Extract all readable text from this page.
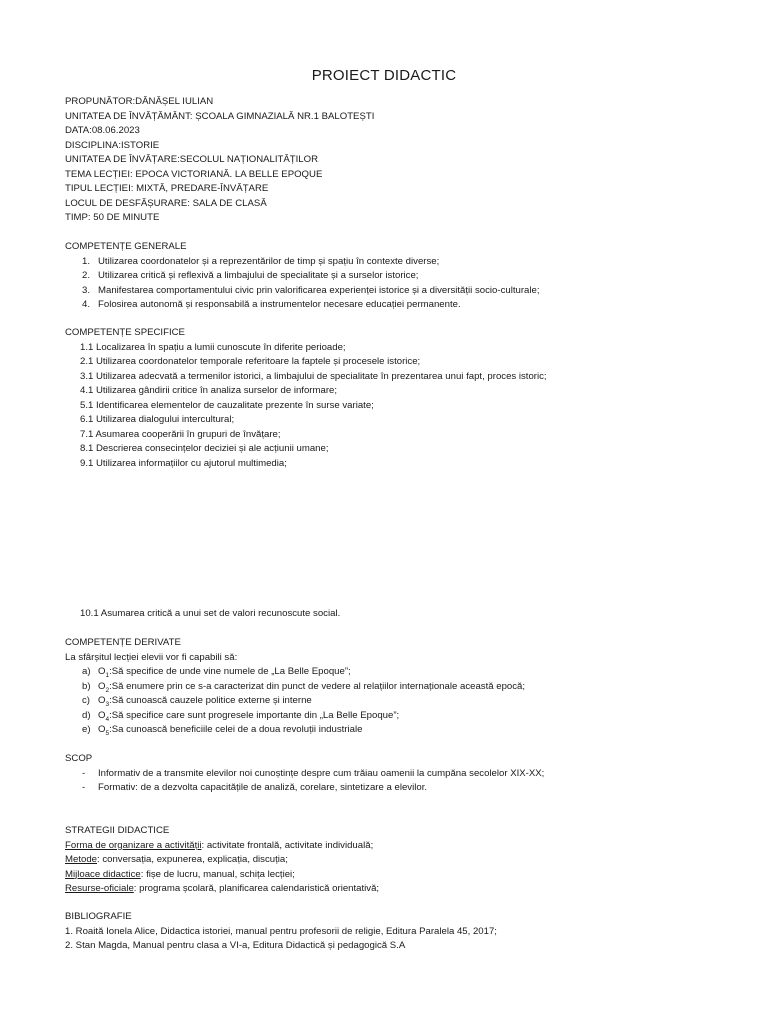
PROIECT DIDACTIC
PROPUNĂTOR:DĂNĂȘEL IULIAN
UNITATEA DE ÎNVĂȚĂMÂNT: ȘCOALA GIMNAZIALĂ NR.1 BALOTEȘTI
DATA:08.06.2023
DISCIPLINA:ISTORIE
UNITATEA DE ÎNVĂȚARE:SECOLUL NAȚIONALITĂȚILOR
TEMA LECȚIEI: EPOCA VICTORIANĂ. LA BELLE EPOQUE
TIPUL LECȚIEI: MIXTĂ, PREDARE-ÎNVĂȚARE
LOCUL DE DESFĂȘURARE: SALA DE CLASĂ
TIMP: 50 DE MINUTE
COMPETENȚE GENERALE
1. Utilizarea coordonatelor și a reprezentărilor de timp și spațiu în contexte diverse;
2. Utilizarea critică și reflexivă a limbajului de specialitate și a surselor istorice;
3. Manifestarea comportamentului civic prin valorificarea experienței istorice și a diversității socio-culturale;
4. Folosirea autonomă și responsabilă a instrumentelor necesare educației permanente.
COMPETENȚE SPECIFICE
1.1 Localizarea în spațiu a lumii cunoscute în diferite perioade;
2.1 Utilizarea coordonatelor temporale referitoare la faptele și procesele istorice;
3.1 Utilizarea adecvată a termenilor istorici, a limbajului de specialitate în prezentarea unui fapt, proces istoric;
4.1 Utilizarea gândirii critice în analiza surselor de informare;
5.1 Identificarea elementelor de cauzalitate prezente în surse variate;
6.1 Utilizarea dialogului intercultural;
7.1 Asumarea cooperării în grupuri de învățare;
8.1 Descrierea consecințelor deciziei și ale acțiunii umane;
9.1 Utilizarea informațiilor cu ajutorul multimedia;
10.1 Asumarea critică a unui set de valori recunoscute social.
COMPETENȚE DERIVATE
La sfârșitul lecției elevii vor fi capabili să:
a) $O_1:Să$ specifice de unde vine numele de „La Belle Epoque”;
b) $O_2:Să$ enumere prin ce s-a caracterizat din punct de vedere al relațiilor internaționale această epocă;
c) $O_3:Să$ cunoască cauzele politice externe și interne
d) $O_4:Să$ specifice care sunt progresele importante din „La Belle Epoque”;
e) $O_5:Sa$ cunoască beneficiile celei de a doua revoluții industriale
SCOP
- Informativ de a transmite elevilor noi cunoștințe despre cum trăiau oamenii la cumpăna secolelor XIX-XX;
- Formativ: de a dezvolta capacitățile de analiză, corelare, sintetizare a elevilor.
STRATEGII DIDACTICE
Forma de organizare a activității: activitate frontală, activitate individuală;
Metode: conversația, expunerea, explicația, discuția;
Mijloace didactice: fișe de lucru, manual, schița lecției;
Resurse-oficiale: programa școlară, planificarea calendaristică orientativă;
BIBLIOGRAFIE
1. Roaită Ionela Alice, Didactica istoriei, manual pentru profesorii de religie, Editura Paralela 45, 2017;
2. Stan Magda, Manual pentru clasa a VI-a, Editura Didactică și pedagogică S.A
